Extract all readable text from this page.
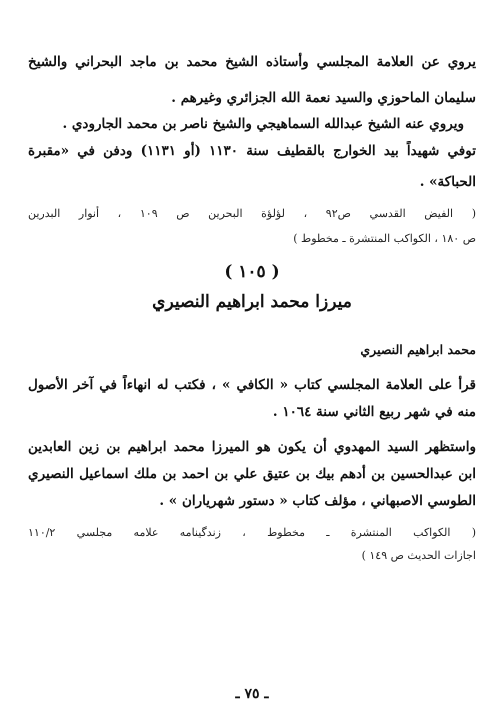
يروي عن العلامة المجلسي وأستاذه الشيخ محمد بن ماجد البحراني والشيخ
سليمان الماحوزي والسيد نعمة الله الجزائري وغيرهم .
ويروي عنه الشيخ عبدالله السماهيجي والشيخ ناصر بن محمد الجارودي .
توفي شهيداً بيد الخوارج بالقطيف سنة ١١٣٠ (أو ١١٣١) ودفن في «مقبرة
الحباكة» .
( الفيض القدسي ص٩٢ ، لؤلؤة البحرين ص ١٠٩ ، أنوار البدرين
ص ١٨٠ ، الكواكب المنتشرة ـ مخطوط )
( ١٠٥ )
ميرزا محمد ابراهيم النصيري
محمد ابراهيم النصيري
قرأ على العلامة المجلسي كتاب « الكافي » ، فكتب له انهاءاً في آخر الأصول
منه في شهر ربيع الثاني سنة ١٠٦٤ .
واستظهر السيد المهدوي أن يكون هو الميرزا محمد ابراهيم بن زين العابدين
ابن عبدالحسين بن أدهم بيك بن عتيق علي بن احمد بن ملك اسماعيل النصيري
الطوسي الاصبهاني ، مؤلف كتاب « دستور شهرياران » .
( الكواكب المنتشرة ـ مخطوط ، زندگينامه علامه مجلسي ١١٠/٢
اجازات الحديث ص ١٤٩ )
ـ ٧٥ ـ
